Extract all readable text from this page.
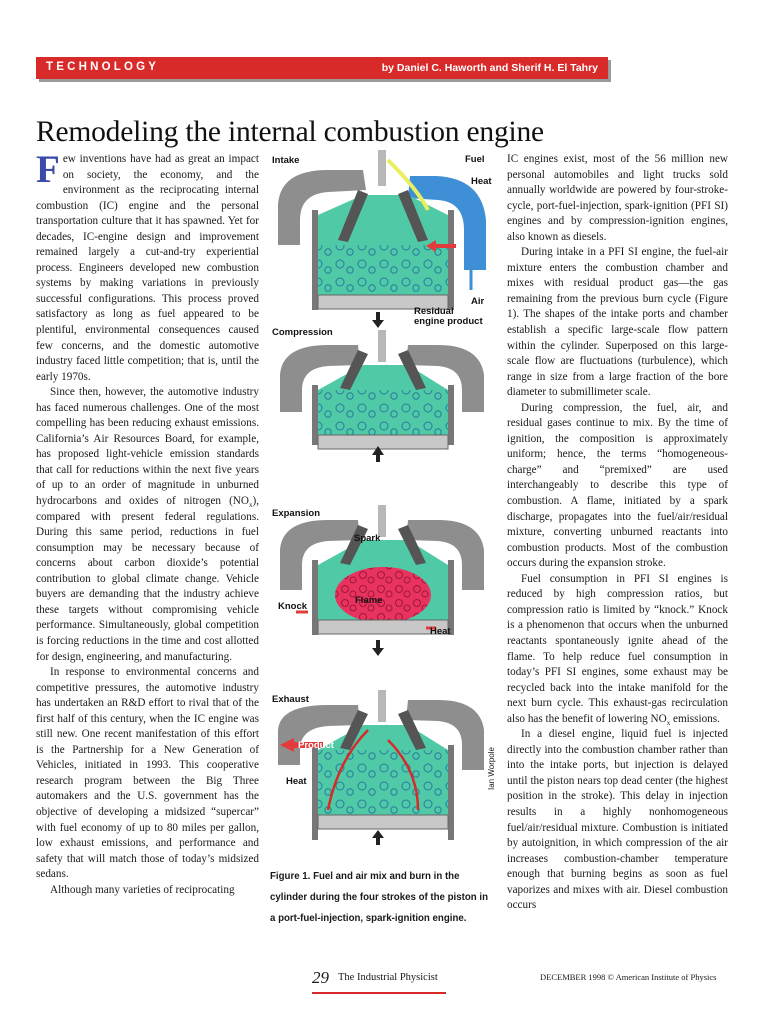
TECHNOLOGY	by Daniel C. Haworth and Sherif H. El Tahry
Remodeling the internal combustion engine

Few inventions have had as great an impact on society, the economy, and the environment as the reciprocating internal combustion (IC) engine and the personal transportation culture that it has spawned. Yet for decades, IC-engine design and improvement remained largely a cut-and-try experiential process. Engineers developed new combustion systems by making variations in previously successful configurations. This process proved satisfactory as long as fuel appeared to be plentiful, environmental consequences caused few concerns, and the domestic automotive industry faced little competition; that is, until the early 1970s.

Since then, however, the automotive industry has faced numerous challenges. One of the most compelling has been reducing exhaust emissions. California’s Air Resources Board, for example, has proposed light-vehicle emission standards that call for reductions within the next five years of up to an order of magnitude in unburned hydrocarbons and oxides of nitrogen $(NO_x)$, compared with present federal regulations. During this same period, reductions in fuel consumption may be necessary because of concerns about carbon dioxide’s potential contribution to global climate change. Vehicle buyers are demanding that the industry achieve these targets without compromising vehicle performance. Simultaneously, global competition is forcing reductions in the time and cost allotted for design, engineering, and manufacturing.

In response to environmental concerns and competitive pressures, the automotive industry has undertaken an R&D effort to rival that of the first half of this century, when the IC engine was still new. One recent manifestation of this effort is the Partnership for a New Generation of Vehicles, initiated in 1993. This cooperative research program between the Big Three automakers and the U.S. government has the objective of developing a midsized “supercar” with fuel economy of up to 80 miles per gallon, low exhaust emissions, and performance and safety that will match those of today’s midsized sedans.

Although many varieties of reciprocating

Intake	Fuel
Heat
Air
Residual
engine product
Compression
Expansion
Spark
Flame
Knock
Heat
Exhaust
Product
Heat	Ian Worpole
Figure 1. Fuel and air mix and burn in the cylinder during the four strokes of the piston in a port-fuel-injection, spark-ignition engine.

IC engines exist, most of the 56 million new personal automobiles and light trucks sold annually worldwide are powered by four-stroke-cycle, port-fuel-injection, spark-ignition (PFI SI) engines and by compression-ignition engines, also known as diesels.

During intake in a PFI SI engine, the fuel-air mixture enters the combustion chamber and mixes with residual product gas—the gas remaining from the previous burn cycle (Figure 1). The shapes of the intake ports and chamber establish a specific large-scale flow pattern within the cylinder. Superposed on this large-scale flow are fluctuations (turbulence), which range in size from a large fraction of the bore diameter to submillimeter scale.

During compression, the fuel, air, and residual gases continue to mix. By the time of ignition, the composition is approximately uniform; hence, the terms “homogeneous-charge” and “premixed” are used interchangeably to describe this type of combustion. A flame, initiated by a spark discharge, propagates into the fuel/air/residual mixture, converting unburned reactants into combustion products. Most of the combustion occurs during the expansion stroke.

Fuel consumption in PFI SI engines is reduced by high compression ratios, but compression ratio is limited by “knock.” Knock is a phenomenon that occurs when the unburned reactants spontaneously ignite ahead of the flame. To help reduce fuel consumption in today’s PFI SI engines, some exhaust may be recycled back into the intake manifold for the next burn cycle. This exhaust-gas recirculation also has the benefit of lowering $NO_x$ emissions.

In a diesel engine, liquid fuel is injected directly into the combustion chamber rather than into the intake ports, but injection is delayed until the piston nears top dead center (the highest position in the stroke). This delay in injection results in a highly nonhomogeneous fuel/air/residual mixture. Combustion is initiated by autoignition, in which compression of the air increases combustion-chamber temperature enough that burning begins as soon as fuel vaporizes and mixes with air. Diesel combustion occurs

29 The Industrial Physicist	DECEMBER 1998 © American Institute of Physics
